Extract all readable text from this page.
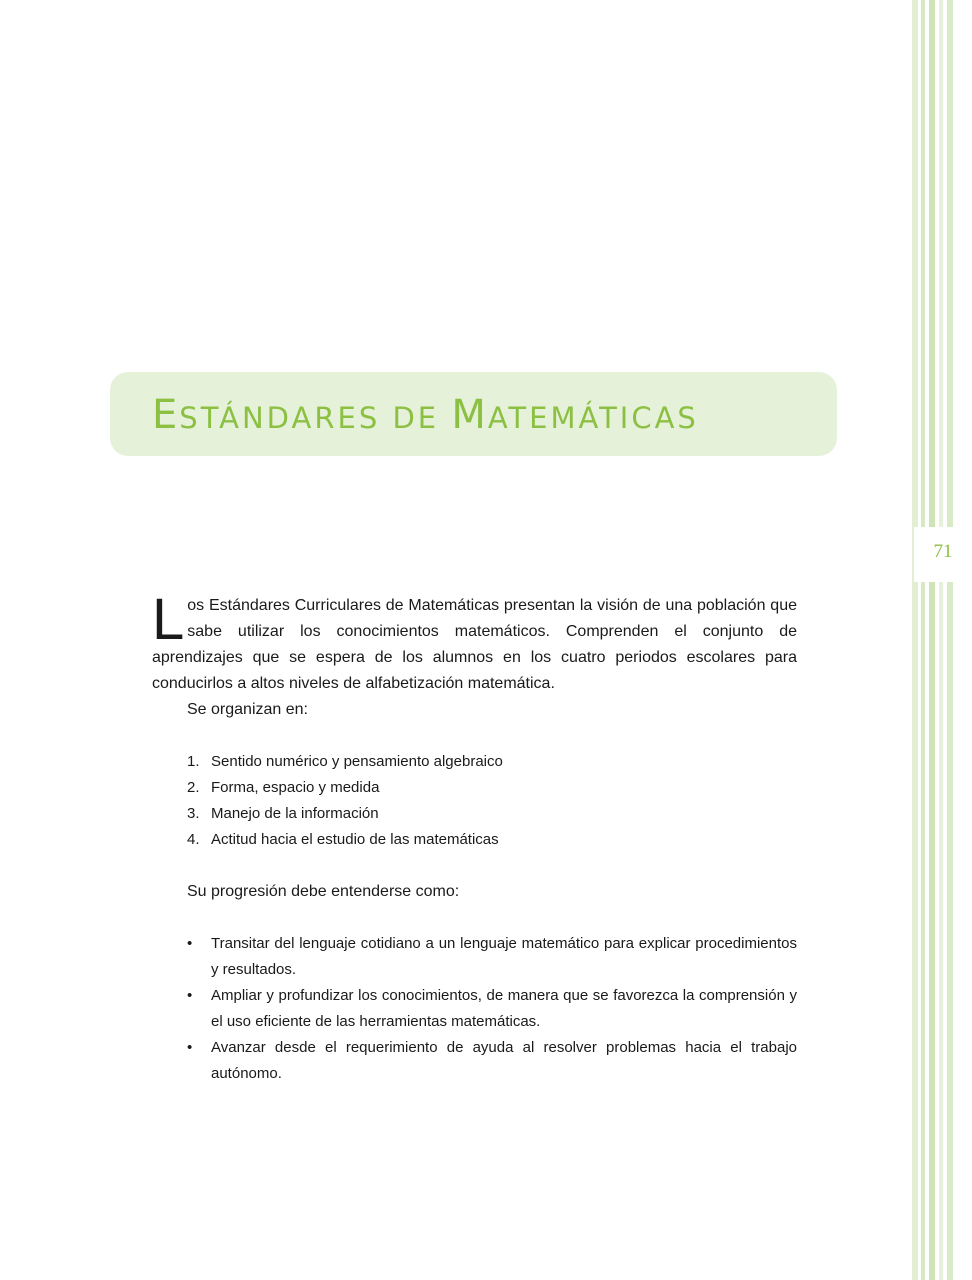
71
ESTÁNDARES DE MATEMÁTICAS

Los Estándares Curriculares de Matemáticas presentan la visión de una población que sabe utilizar los conocimientos matemáticos. Comprenden el conjunto de aprendizajes que se espera de los alumnos en los cuatro periodos escolares para conducirlos a altos niveles de alfabetización matemática.

Se organizan en:

1. Sentido numérico y pensamiento algebraico
2. Forma, espacio y medida
3. Manejo de la información
4. Actitud hacia el estudio de las matemáticas

Su progresión debe entenderse como:

• Transitar del lenguaje cotidiano a un lenguaje matemático para explicar procedimientos y resultados.
• Ampliar y profundizar los conocimientos, de manera que se favorezca la comprensión y el uso eficiente de las herramientas matemáticas.
• Avanzar desde el requerimiento de ayuda al resolver problemas hacia el trabajo autónomo.
